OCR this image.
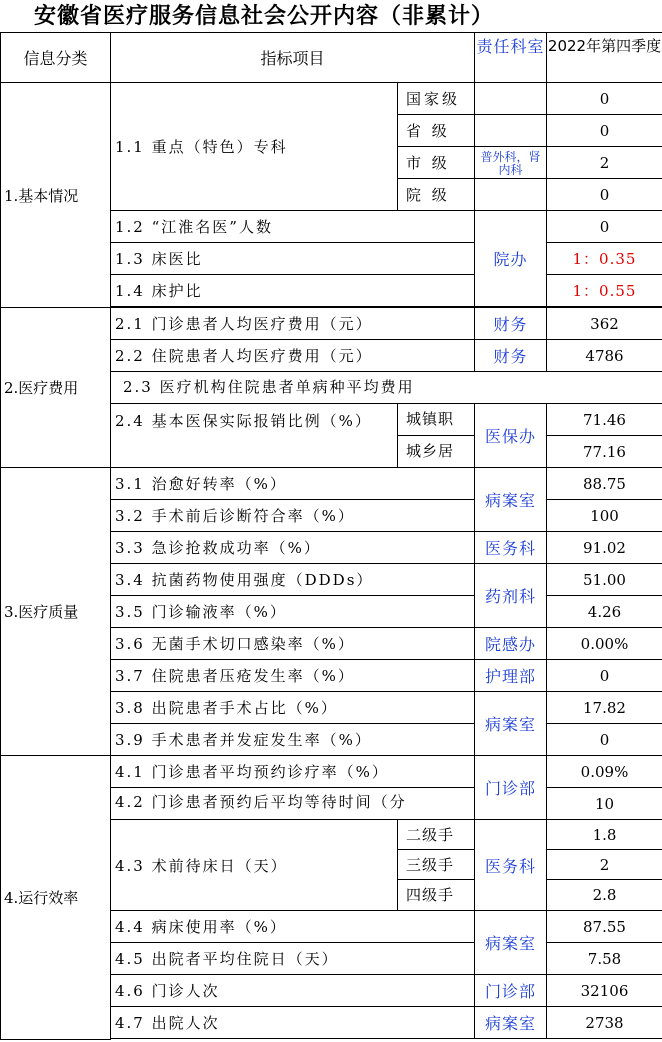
安徽省医疗服务信息社会公开内容（非累计）
信息分类	指标项目		责任科室	2022年第四季度
1.基本情况	1.1 重点（特色）专科	国家级		0
		省 级		0
		市 级	普外科，肾内科	2
		院 级		0
	1.2 “江淮名医”人数		院办	0
	1.3 床医比			1：0.35
	1.4 床护比			1：0.55

2.医疗费用	2.1 门诊患者人均医疗费用（元）		财务	362
	2.2 住院患者人均医疗费用（元）		财务	4786
	2.3 医疗机构住院患者单病种平均费用			
	2.4 基本医保实际报销比例（%）	城镇职	医保办	71.46
		城乡居		77.16
3.医疗质量	3.1 治愈好转率（%）		病案室	88.75
	3.2 手术前后诊断符合率（%）			100
	3.3 急诊抢救成功率（%）		医务科	91.02
	3.4 抗菌药物使用强度（DDDs）		药剂科	51.00
	3.5 门诊输液率（%）			4.26
	3.6 无菌手术切口感染率（%）		院感办	0.00%
	3.7 住院患者压疮发生率（%）		护理部	0
	3.8 出院患者手术占比（%）		病案室	17.82
	3.9 手术患者并发症发生率（%）			0
4.运行效率	4.1 门诊患者平均预约诊疗率（%）		门诊部	0.09%
	4.2 门诊患者预约后平均等待时间（分			10
	4.3 术前待床日（天）	二级手	医务科	1.8
		三级手		2
		四级手		2.8
	4.4 病床使用率（%）		病案室	87.55
	4.5 出院者平均住院日（天）			7.58
	4.6 门诊人次		门诊部	32106
	4.7 出院人次		病案室	2738
